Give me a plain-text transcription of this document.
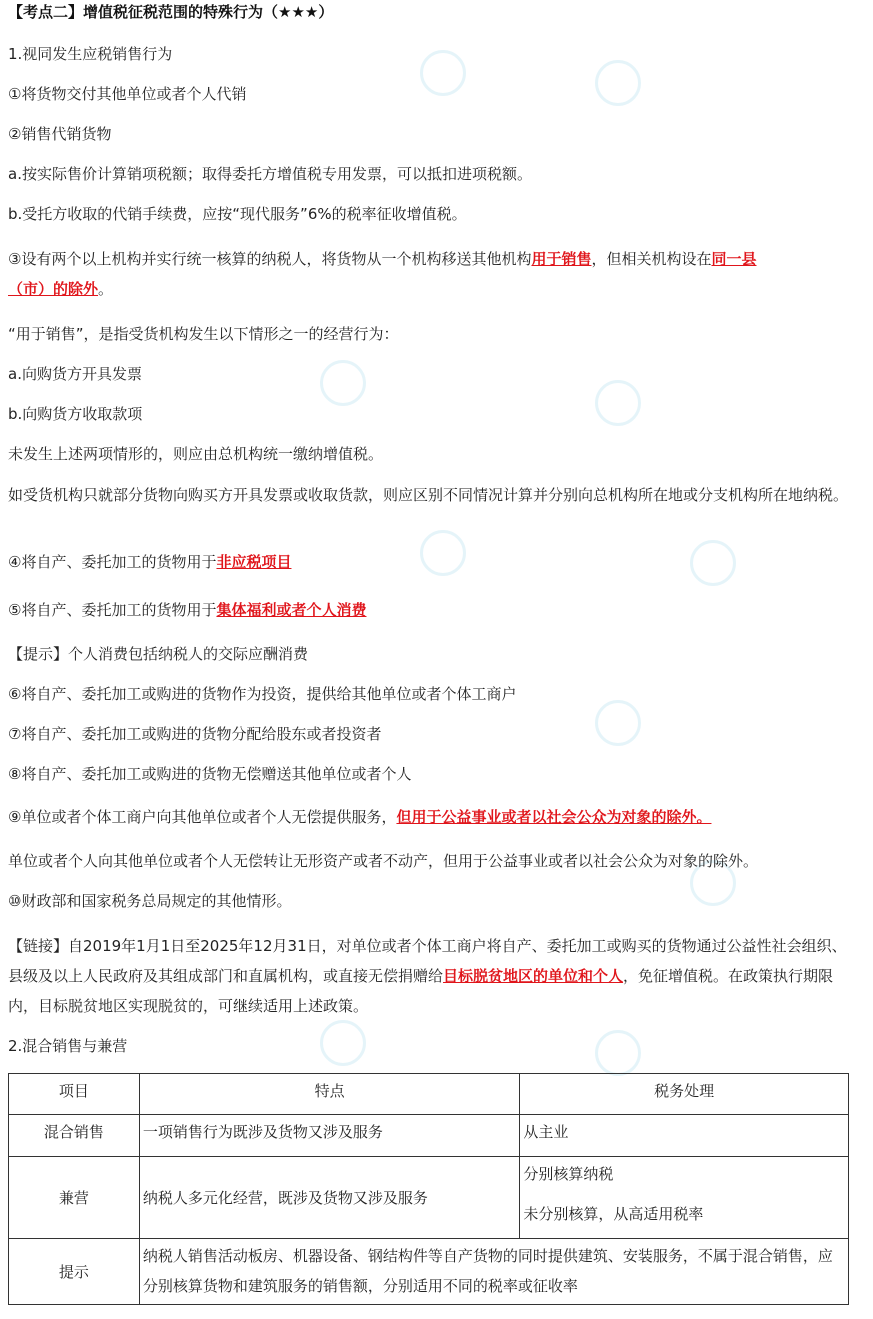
【考点二】增值税征税范围的特殊行为（★★★）
1.视同发生应税销售行为
①将货物交付其他单位或者个人代销
②销售代销货物
a.按实际售价计算销项税额；取得委托方增值税专用发票，可以抵扣进项税额。
b.受托方收取的代销手续费，应按“现代服务”6%的税率征收增值税。
③设有两个以上机构并实行统一核算的纳税人，将货物从一个机构移送其他机构用于销售，但相关机构设在同一县
（市）的除外。
“用于销售”，是指受货机构发生以下情形之一的经营行为：
a.向购货方开具发票
b.向购货方收取款项
未发生上述两项情形的，则应由总机构统一缴纳增值税。
如受货机构只就部分货物向购买方开具发票或收取货款，则应区别不同情况计算并分别向总机构所在地或分支机构所在地纳税。
④将自产、委托加工的货物用于非应税项目
⑤将自产、委托加工的货物用于集体福利或者个人消费
【提示】个人消费包括纳税人的交际应酬消费
⑥将自产、委托加工或购进的货物作为投资，提供给其他单位或者个体工商户
⑦将自产、委托加工或购进的货物分配给股东或者投资者
⑧将自产、委托加工或购进的货物无偿赠送其他单位或者个人
⑨单位或者个体工商户向其他单位或者个人无偿提供服务，但用于公益事业或者以社会公众为对象的除外。
单位或者个人向其他单位或者个人无偿转让无形资产或者不动产，但用于公益事业或者以社会公众为对象的除外。
⑩财政部和国家税务总局规定的其他情形。
【链接】自2019年1月1日至2025年12月31日，对单位或者个体工商户将自产、委托加工或购买的货物通过公益性社会组织、县级及以上人民政府及其组成部门和直属机构，或直接无偿捐赠给目标脱贫地区的单位和个人，免征增值税。在政策执行期限内，目标脱贫地区实现脱贫的，可继续适用上述政策。
2.混合销售与兼营
项目	特点	税务处理
混合销售	一项销售行为既涉及货物又涉及服务	从主业
兼营	纳税人多元化经营，既涉及货物又涉及服务	分别核算纳税
未分别核算，从高适用税率

提示	纳税人销售活动板房、机器设备、钢结构件等自产货物的同时提供建筑、安装服务，不属于混合销售，应分别核算货物和建筑服务的销售额，分别适用不同的税率或征收率	
